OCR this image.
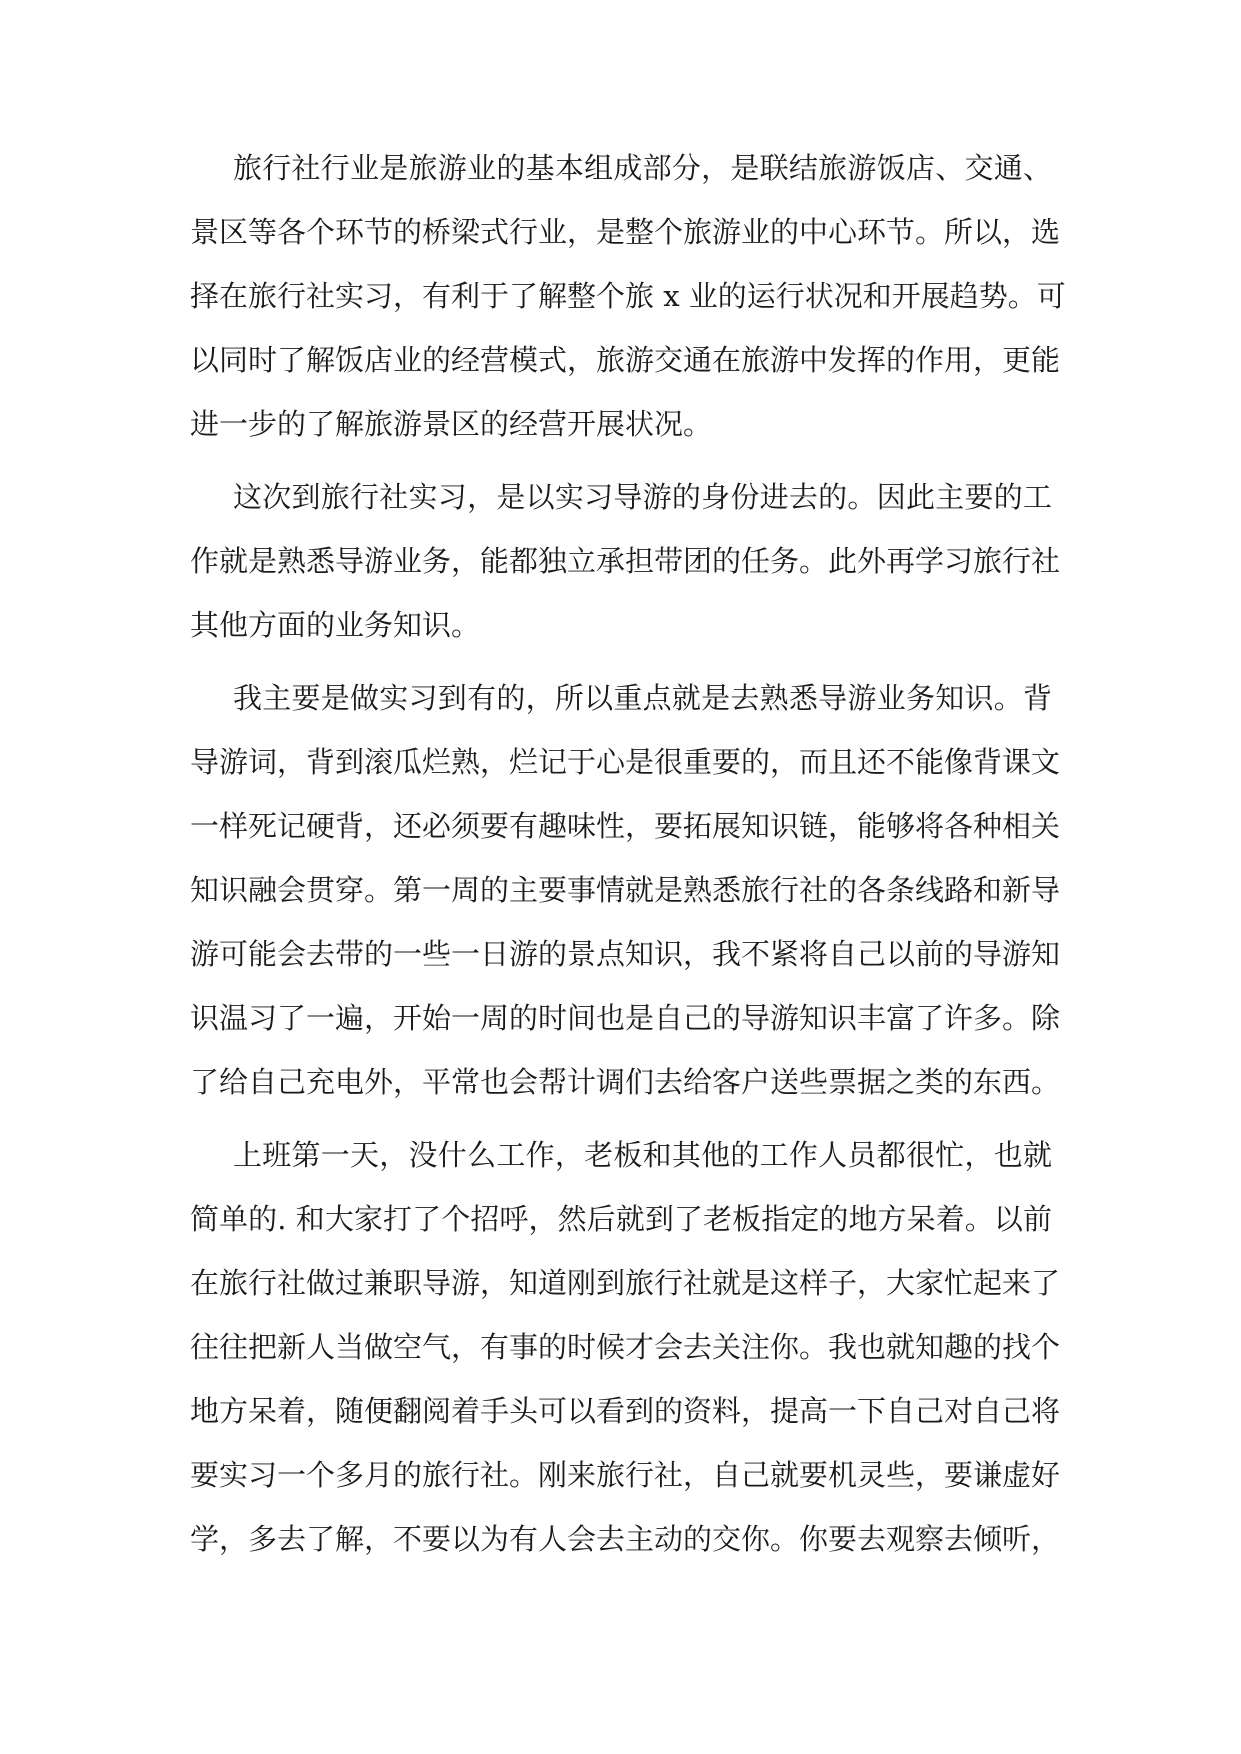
旅行社行业是旅游业的基本组成部分，是联结旅游饭店、交通、
景区等各个环节的桥梁式行业，是整个旅游业的中心环节。所以，选
择在旅行社实习，有利于了解整个旅 x 业的运行状况和开展趋势。可
以同时了解饭店业的经营模式，旅游交通在旅游中发挥的作用，更能
进一步的了解旅游景区的经营开展状况。
这次到旅行社实习，是以实习导游的身份进去的。因此主要的工
作就是熟悉导游业务，能都独立承担带团的任务。此外再学习旅行社
其他方面的业务知识。
我主要是做实习到有的，所以重点就是去熟悉导游业务知识。背
导游词，背到滚瓜烂熟，烂记于心是很重要的，而且还不能像背课文
一样死记硬背，还必须要有趣味性，要拓展知识链，能够将各种相关
知识融会贯穿。第一周的主要事情就是熟悉旅行社的各条线路和新导
游可能会去带的一些一日游的景点知识，我不紧将自己以前的导游知
识温习了一遍，开始一周的时间也是自己的导游知识丰富了许多。除
了给自己充电外，平常也会帮计调们去给客户送些票据之类的东西。
上班第一天，没什么工作，老板和其他的工作人员都很忙，也就
简单的. 和大家打了个招呼，然后就到了老板指定的地方呆着。以前
在旅行社做过兼职导游，知道刚到旅行社就是这样子，大家忙起来了
往往把新人当做空气，有事的时候才会去关注你。我也就知趣的找个
地方呆着，随便翻阅着手头可以看到的资料，提高一下自己对自己将
要实习一个多月的旅行社。刚来旅行社，自己就要机灵些，要谦虚好
学，多去了解，不要以为有人会去主动的交你。你要去观察去倾听，
